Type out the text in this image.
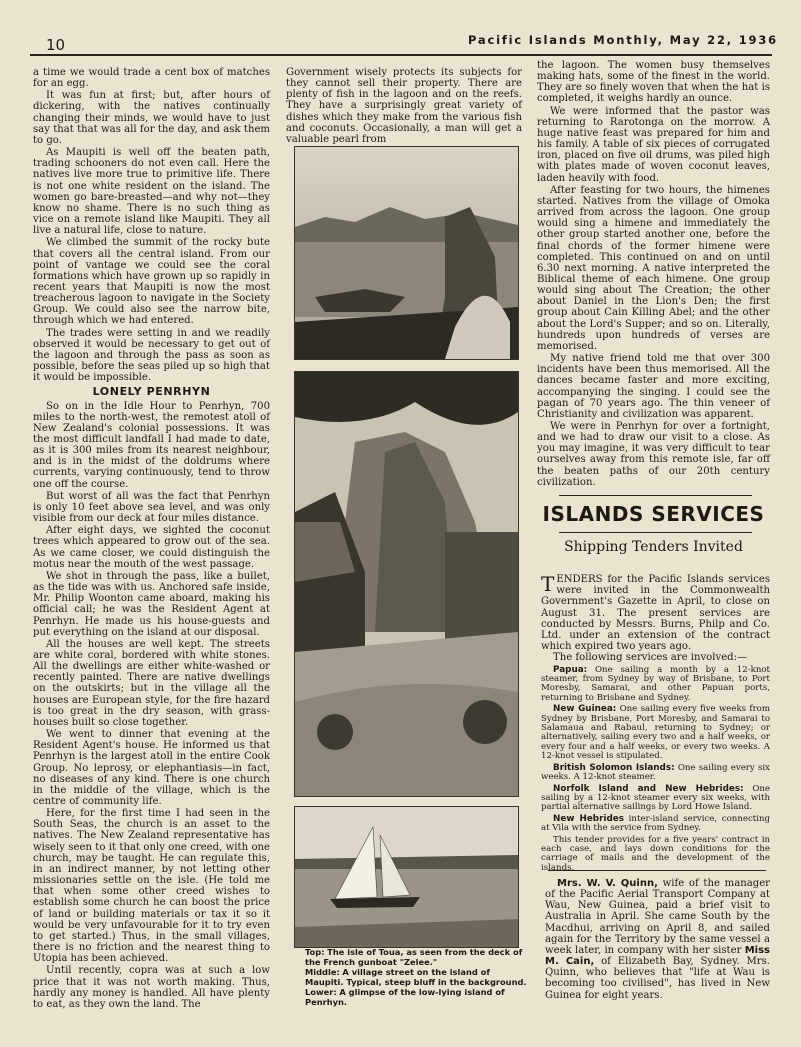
10	Pacific Islands Monthly, May 22, 1936

a time we would trade a cent box of matches for an egg.

It was fun at first; but, after hours of dickering, with the natives continually changing their minds, we would have to just say that that was all for the day, and ask them to go.

As Maupiti is well off the beaten path, trading schooners do not even call. Here the natives live more true to primitive life. There is not one white resident on the island. The women go bare-breasted—and why not—they know no shame. There is no such thing as vice on a remote island like Maupiti. They all live a natural life, close to nature.

We climbed the summit of the rocky bute that covers all the central island. From our point of vantage we could see the coral formations which have grown up so rapidly in recent years that Maupiti is now the most treacherous lagoon to navigate in the Society Group. We could also see the narrow bite, through which we had entered.

The trades were setting in and we readily observed it would be necessary to get out of the lagoon and through the pass as soon as possible, before the seas piled up so high that it would be impossible.

LONELY PENRHYN

So on in the Idle Hour to Penrhyn, 700 miles to the north-west, the remotest atoll of New Zealand's colonial possessions. It was the most difficult landfall I had made to date, as it is 300 miles from its nearest neighbour, and is in the midst of the doldrums where currents, varying continuously, tend to throw one off the course.

But worst of all was the fact that Penrhyn is only 10 feet above sea level, and was only visible from our deck at four miles distance.

After eight days, we sighted the coconut trees which appeared to grow out of the sea. As we came closer, we could distinguish the motus near the mouth of the west passage.

We shot in through the pass, like a bullet, as the tide was with us. Anchored safe inside, Mr. Philip Woonton came aboard, making his official call; he was the Resident Agent at Penrhyn. He made us his house-guests and put everything on the island at our disposal.

All the houses are well kept. The streets are white coral, bordered with white stones. All the dwellings are either white-washed or recently painted. There are native dwellings on the outskirts; but in the village all the houses are European style, for the fire hazard is too great in the dry season, with grass-houses built so close together.

We went to dinner that evening at the Resident Agent's house. He informed us that Penrhyn is the largest atoll in the entire Cook Group. No leprosy, or elephantiasis—in fact, no diseases of any kind. There is one church in the middle of the village, which is the centre of community life.

Here, for the first time I had seen in the South Seas, the church is an asset to the natives. The New Zealand representative has wisely seen to it that only one creed, with one church, may be taught. He can regulate this, in an indirect manner, by not letting other missionaries settle on the isle. (He told me that when some other creed wishes to establish some church he can boost the price of land or building materials or tax it so it would be very unfavourable for it to try even to get started.) Thus, in the small villages, there is no friction and the nearest thing to Utopia has been achieved.

Until recently, copra was at such a low price that it was not worth making. Thus, hardly any money is handled. All have plenty to eat, as they own the land. The

Government wisely protects its subjects for they cannot sell their property. There are plenty of fish in the lagoon and on the reefs. They have a surprisingly great variety of dishes which they make from the various fish and coconuts. Occasionally, a man will get a valuable pearl from

Top: The isle of Toua, as seen from the deck of the French gunboat "Zelee."

Middle: A village street on the island of Maupiti. Typical, steep bluff in the background.

Lower: A glimpse of the low-lying island of Penrhyn.

the lagoon. The women busy themselves making hats, some of the finest in the world. They are so finely woven that when the hat is completed, it weighs hardly an ounce.

We were informed that the pastor was returning to Rarotonga on the morrow. A huge native feast was prepared for him and his family. A table of six pieces of corrugated iron, placed on five oil drums, was piled high with plates made of woven coconut leaves, laden heavily with food.

After feasting for two hours, the himenes started. Natives from the village of Omoka arrived from across the lagoon. One group would sing a himene and immediately the other group started another one, before the final chords of the former himene were completed. This continued on and on until 6.30 next morning. A native interpreted the Biblical theme of each himene. One group would sing about The Creation; the other about Daniel in the Lion's Den; the first group about Cain Killing Abel; and the other about the Lord's Supper; and so on. Literally, hundreds upon hundreds of verses are memorised.

My native friend told me that over 300 incidents have been thus memorised. All the dances became faster and more exciting, accompanying the singing. I could see the pagan of 70 years ago. The thin veneer of Christianity and civilization was apparent.

We were in Penrhyn for over a fortnight, and we had to draw our visit to a close. As you may imagine, it was very difficult to tear ourselves away from this remote isle, far off the beaten paths of our 20th century civilization.

ISLANDS SERVICES
Shipping Tenders Invited

TENDERS for the Pacific Islands services were invited in the Commonwealth Government's Gazette in April, to close on August 31. The present services are conducted by Messrs. Burns, Philp and Co. Ltd. under an extension of the contract which expired two years ago.

The following services are involved:—

Papua: One sailing a month by a 12-knot steamer, from Sydney by way of Brisbane, to Port Moresby, Samarai, and other Papuan ports, returning to Brisbane and Sydney.

New Guinea: One sailing every five weeks from Sydney by Brisbane, Port Moresby, and Samarai to Salamaua and Rabaul, returning to Sydney; or alternatively, sailing every two and a half weeks, or every four and a half weeks, or every two weeks. A 12-knot vessel is stipulated.

British Solomon Islands: One sailing every six weeks. A 12-knot steamer.

Norfolk Island and New Hebrides: One sailing by a 12-knot steamer every six weeks, with partial alternative sailings by Lord Howe Island.

New Hebrides inter-island service, connecting at Vila with the service from Sydney.

This tender provides for a five years' contract in each case, and lays down conditions for the carriage of mails and the development of the islands.

Mrs. W. V. Quinn, wife of the manager of the Pacific Aerial Transport Company at Wau, New Guinea, paid a brief visit to Australia in April. She came South by the Macdhui, arriving on April 8, and sailed again for the Territory by the same vessel a week later, in company with her sister Miss M. Cain, of Elizabeth Bay, Sydney. Mrs. Quinn, who believes that "life at Wau is becoming too civilised", has lived in New Guinea for eight years.
